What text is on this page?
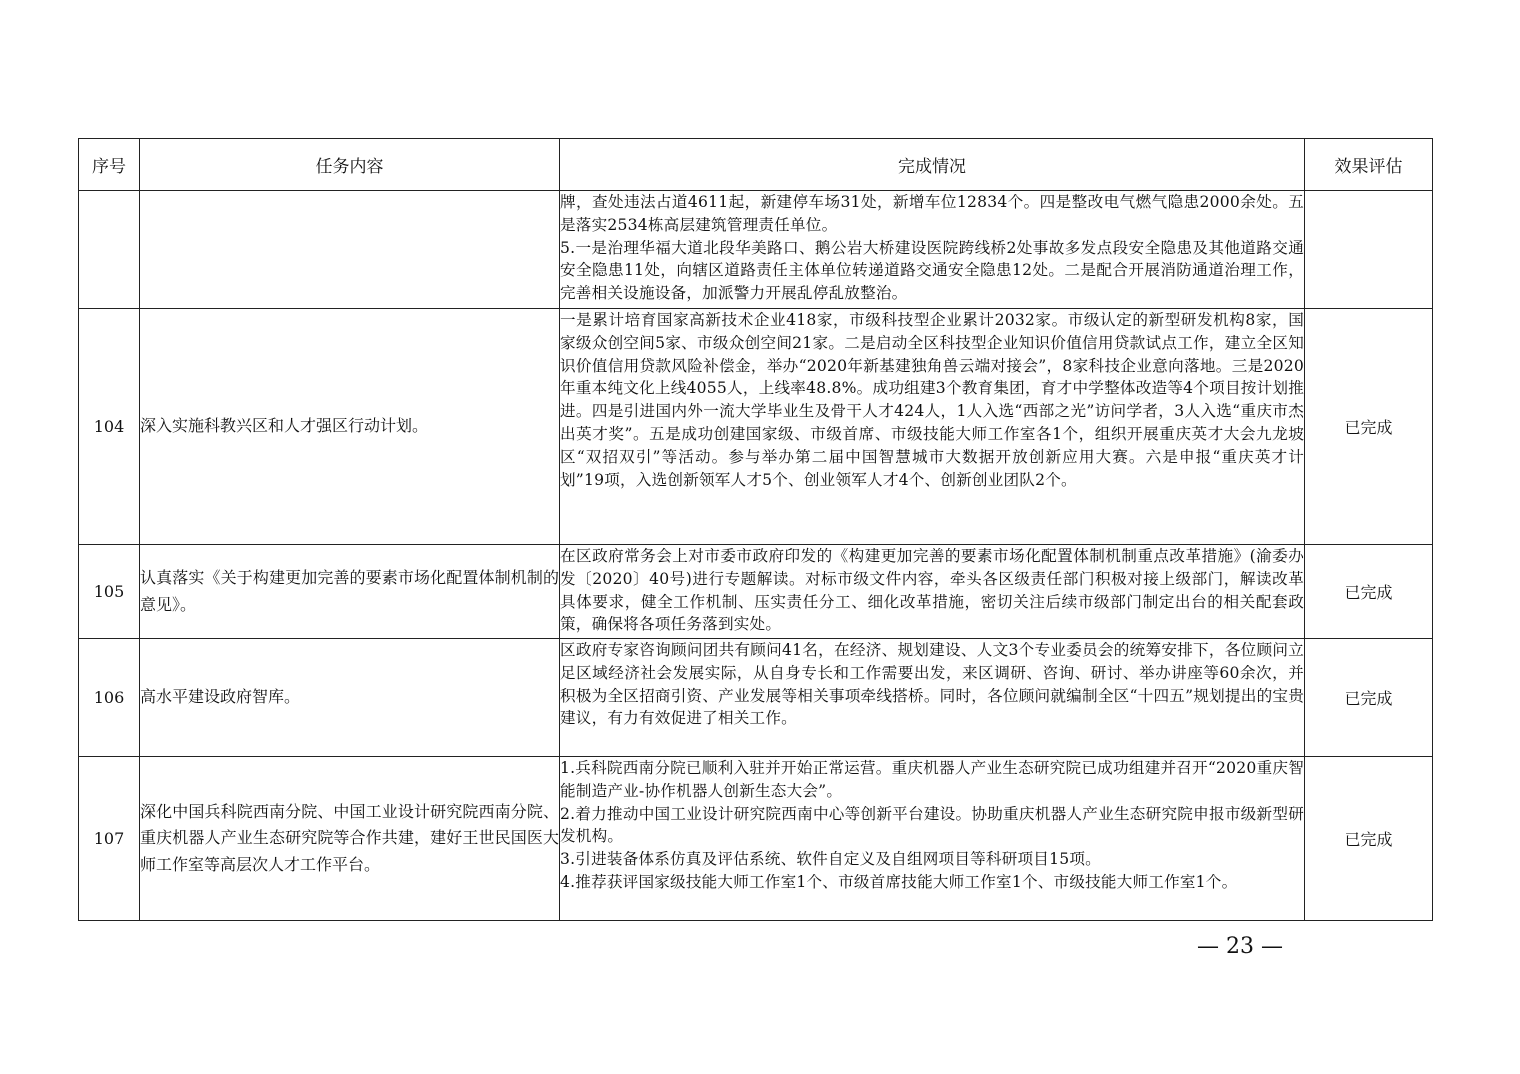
序号	任务内容	完成情况	效果评估

		牌，查处违法占道4611起，新建停车场31处，新增车位12834个。四是整改电气燃气隐患2000余处。五是落实2534栋高层建筑管理责任单位。

5.一是治理华福大道北段华美路口、鹅公岩大桥建设医院跨线桥2处事故多发点段安全隐患及其他道路交通安全隐患11处，向辖区道路责任主体单位转递道路交通安全隐患12处。二是配合开展消防通道治理工作，完善相关设施设备，加派警力开展乱停乱放整治。	

104	深入实施科教兴区和人才强区行动计划。	一是累计培育国家高新技术企业418家，市级科技型企业累计2032家。市级认定的新型研发机构8家，国家级众创空间5家、市级众创空间21家。二是启动全区科技型企业知识价值信用贷款试点工作，建立全区知识价值信用贷款风险补偿金，举办“2020年新基建独角兽云端对接会”，8家科技企业意向落地。三是2020年重本纯文化上线4055人，上线率48.8%。成功组建3个教育集团，育才中学整体改造等4个项目按计划推进。四是引进国内外一流大学毕业生及骨干人才424人，1人入选“西部之光”访问学者，3人入选“重庆市杰出英才奖”。五是成功创建国家级、市级首席、市级技能大师工作室各1个，组织开展重庆英才大会九龙坡区“双招双引”等活动。参与举办第二届中国智慧城市大数据开放创新应用大赛。六是申报“重庆英才计划”19项，入选创新领军人才5个、创业领军人才4个、创新创业团队2个。	已完成
105	认真落实《关于构建更加完善的要素市场化配置体制机制的意见》。	在区政府常务会上对市委市政府印发的《构建更加完善的要素市场化配置体制机制重点改革措施》(渝委办发〔2020〕40号)进行专题解读。对标市级文件内容，牵头各区级责任部门积极对接上级部门，解读改革具体要求，健全工作机制、压实责任分工、细化改革措施，密切关注后续市级部门制定出台的相关配套政策，确保将各项任务落到实处。	已完成
106	高水平建设政府智库。	区政府专家咨询顾问团共有顾问41名，在经济、规划建设、人文3个专业委员会的统筹安排下，各位顾问立足区域经济社会发展实际，从自身专长和工作需要出发，来区调研、咨询、研讨、举办讲座等60余次，并积极为全区招商引资、产业发展等相关事项牵线搭桥。同时，各位顾问就编制全区“十四五”规划提出的宝贵建议，有力有效促进了相关工作。	已完成
107	深化中国兵科院西南分院、中国工业设计研究院西南分院、重庆机器人产业生态研究院等合作共建，建好王世民国医大师工作室等高层次人才工作平台。	1.兵科院西南分院已顺利入驻并开始正常运营。重庆机器人产业生态研究院已成功组建并召开“2020重庆智能制造产业-协作机器人创新生态大会”。

2.着力推动中国工业设计研究院西南中心等创新平台建设。协助重庆机器人产业生态研究院申报市级新型研发机构。

3.引进装备体系仿真及评估系统、软件自定义及自组网项目等科研项目15项。

4.推荐获评国家级技能大师工作室1个、市级首席技能大师工作室1个、市级技能大师工作室1个。	已完成
— 23 —
